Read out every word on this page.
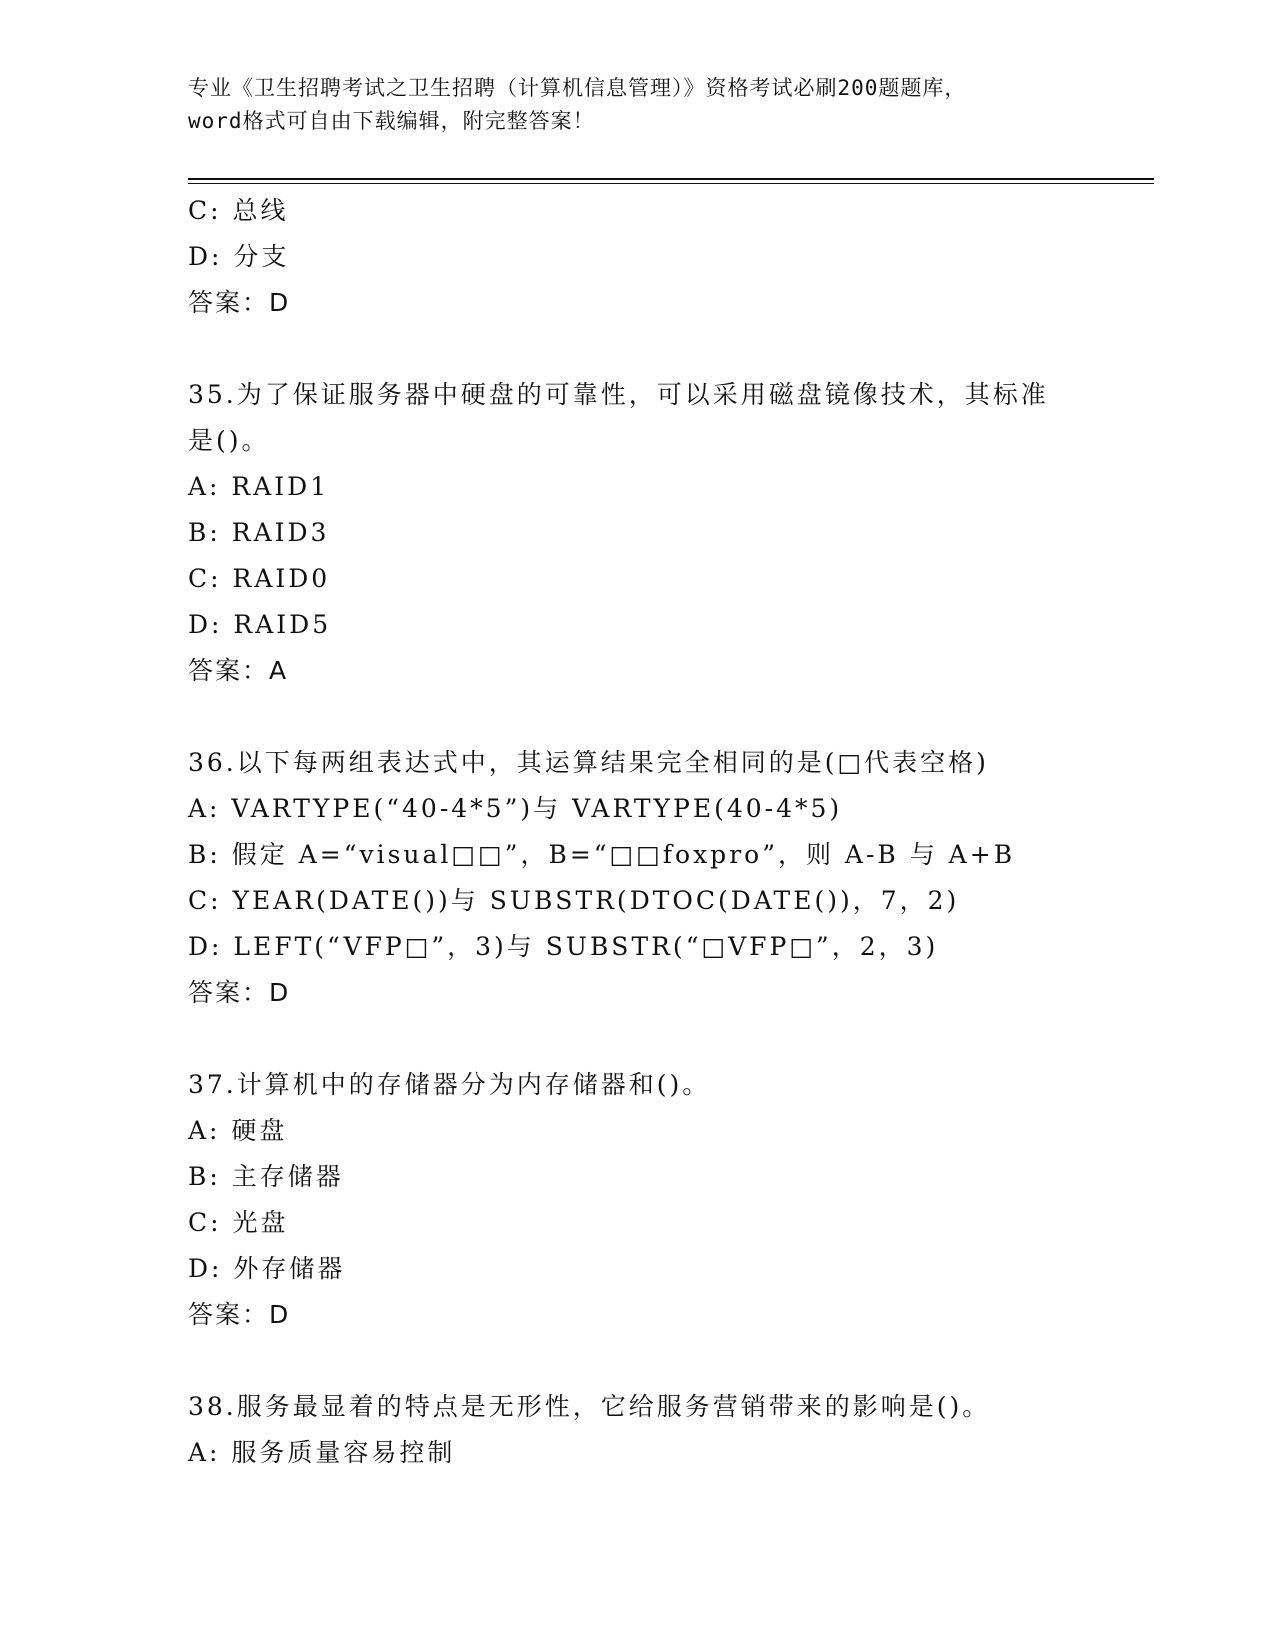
专业《卫生招聘考试之卫生招聘（计算机信息管理）》资格考试必刷200题题库，
word格式可自由下载编辑，附完整答案！
C: 总线
D: 分支
答案：D
35.为了保证服务器中硬盘的可靠性，可以采用磁盘镜像技术，其标准
是()。
A: RAID1
B: RAID3
C: RAID0
D: RAID5
答案：A
36.以下每两组表达式中，其运算结果完全相同的是(□代表空格)
A: VARTYPE(“40-4*5”)与 VARTYPE(40-4*5)
B: 假定 A=“visual□□”，B=“□□foxpro”，则 A-B 与 A+B
C: YEAR(DATE())与 SUBSTR(DTOC(DATE())，7，2)
D: LEFT(“VFP□”，3)与 SUBSTR(“□VFP□”，2，3)
答案：D
37.计算机中的存储器分为内存储器和()。
A: 硬盘
B: 主存储器
C: 光盘
D: 外存储器
答案：D
38.服务最显着的特点是无形性，它给服务营销带来的影响是()。
A: 服务质量容易控制
